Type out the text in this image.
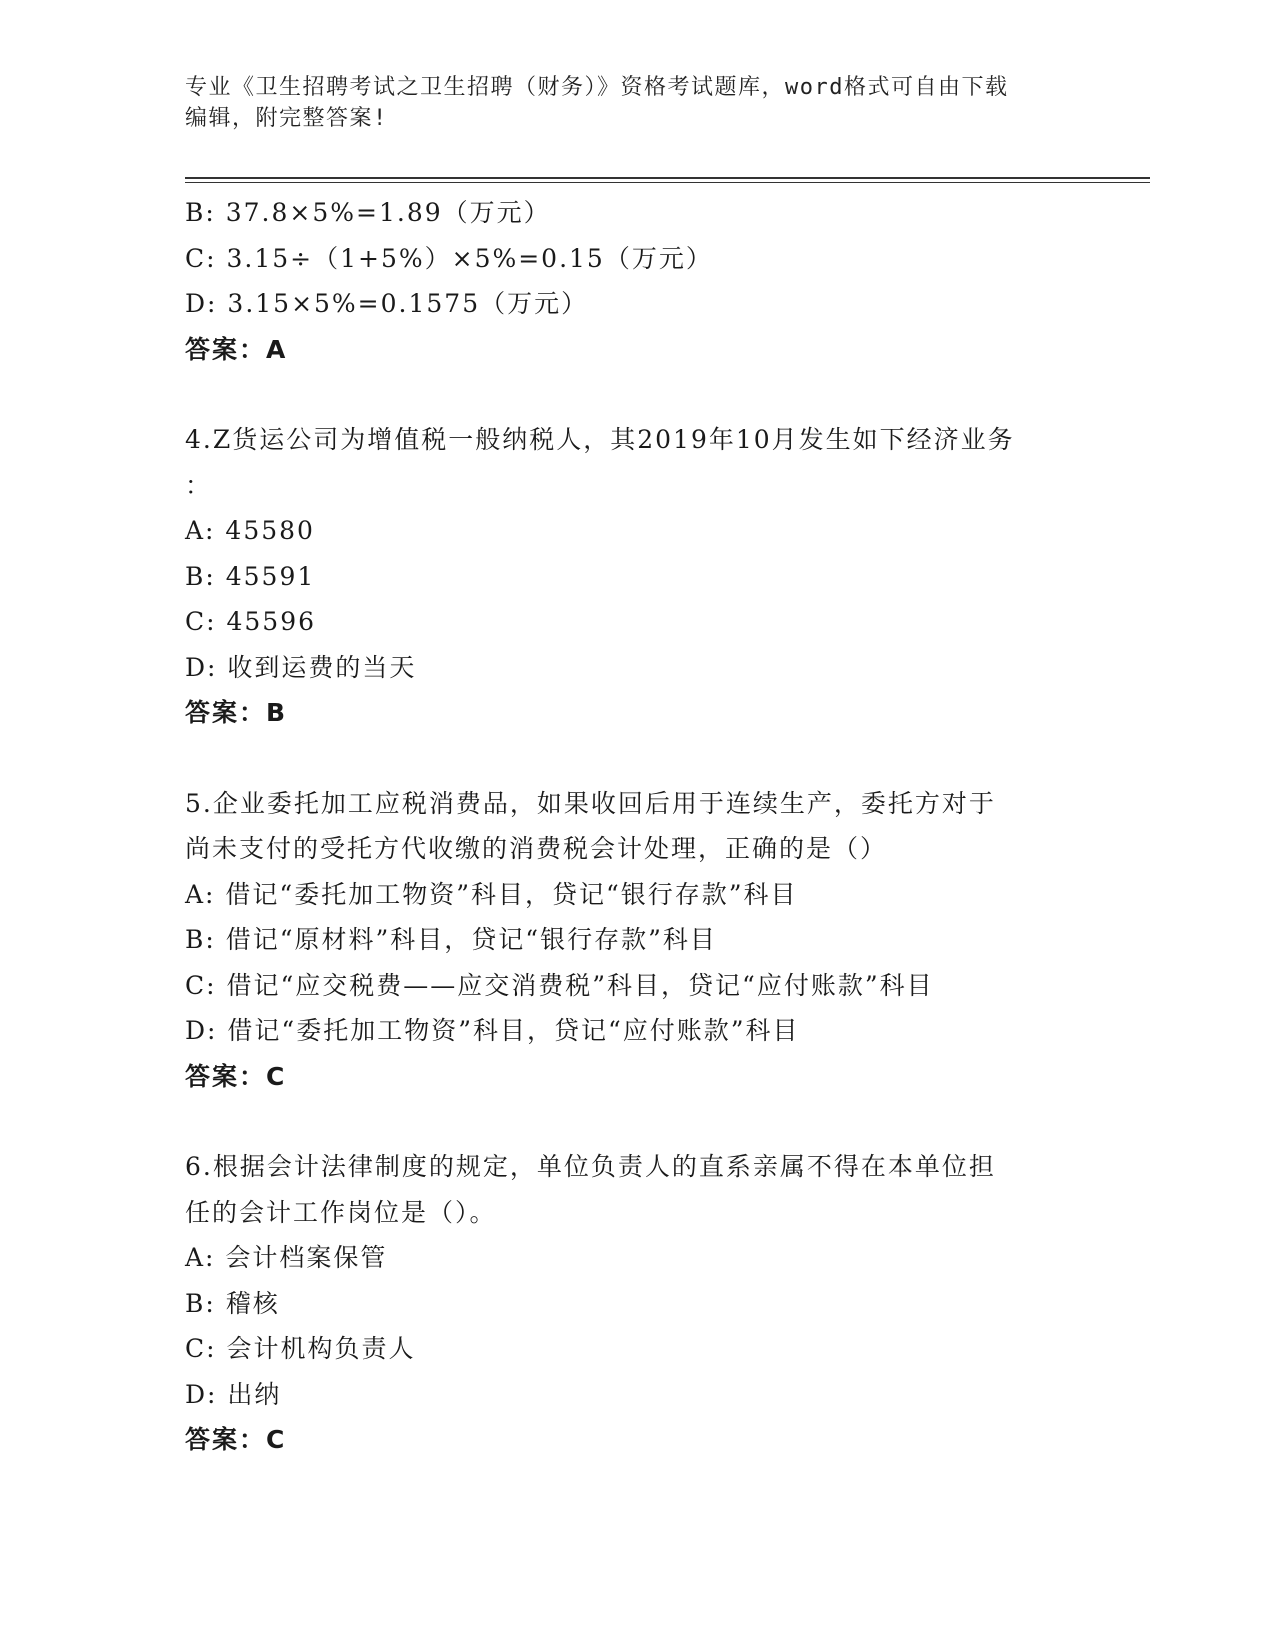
专业《卫生招聘考试之卫生招聘（财务）》资格考试题库，word格式可自由下载
编辑，附完整答案!
B: 37.8×5%=1.89（万元）
C: 3.15÷（1+5%）×5%=0.15（万元）
D: 3.15×5%=0.1575（万元）
答案：A
4.Z货运公司为增值税一般纳税人，其2019年10月发生如下经济业务
：
A: 45580
B: 45591
C: 45596
D: 收到运费的当天
答案：B
5.企业委托加工应税消费品，如果收回后用于连续生产，委托方对于
尚未支付的受托方代收缴的消费税会计处理，正确的是（）
A: 借记“委托加工物资”科目，贷记“银行存款”科目
B: 借记“原材料”科目，贷记“银行存款”科目
C: 借记“应交税费——应交消费税”科目，贷记“应付账款”科目
D: 借记“委托加工物资”科目，贷记“应付账款”科目
答案：C
6.根据会计法律制度的规定，单位负责人的直系亲属不得在本单位担
任的会计工作岗位是（）。
A: 会计档案保管
B: 稽核
C: 会计机构负责人
D: 出纳
答案：C
